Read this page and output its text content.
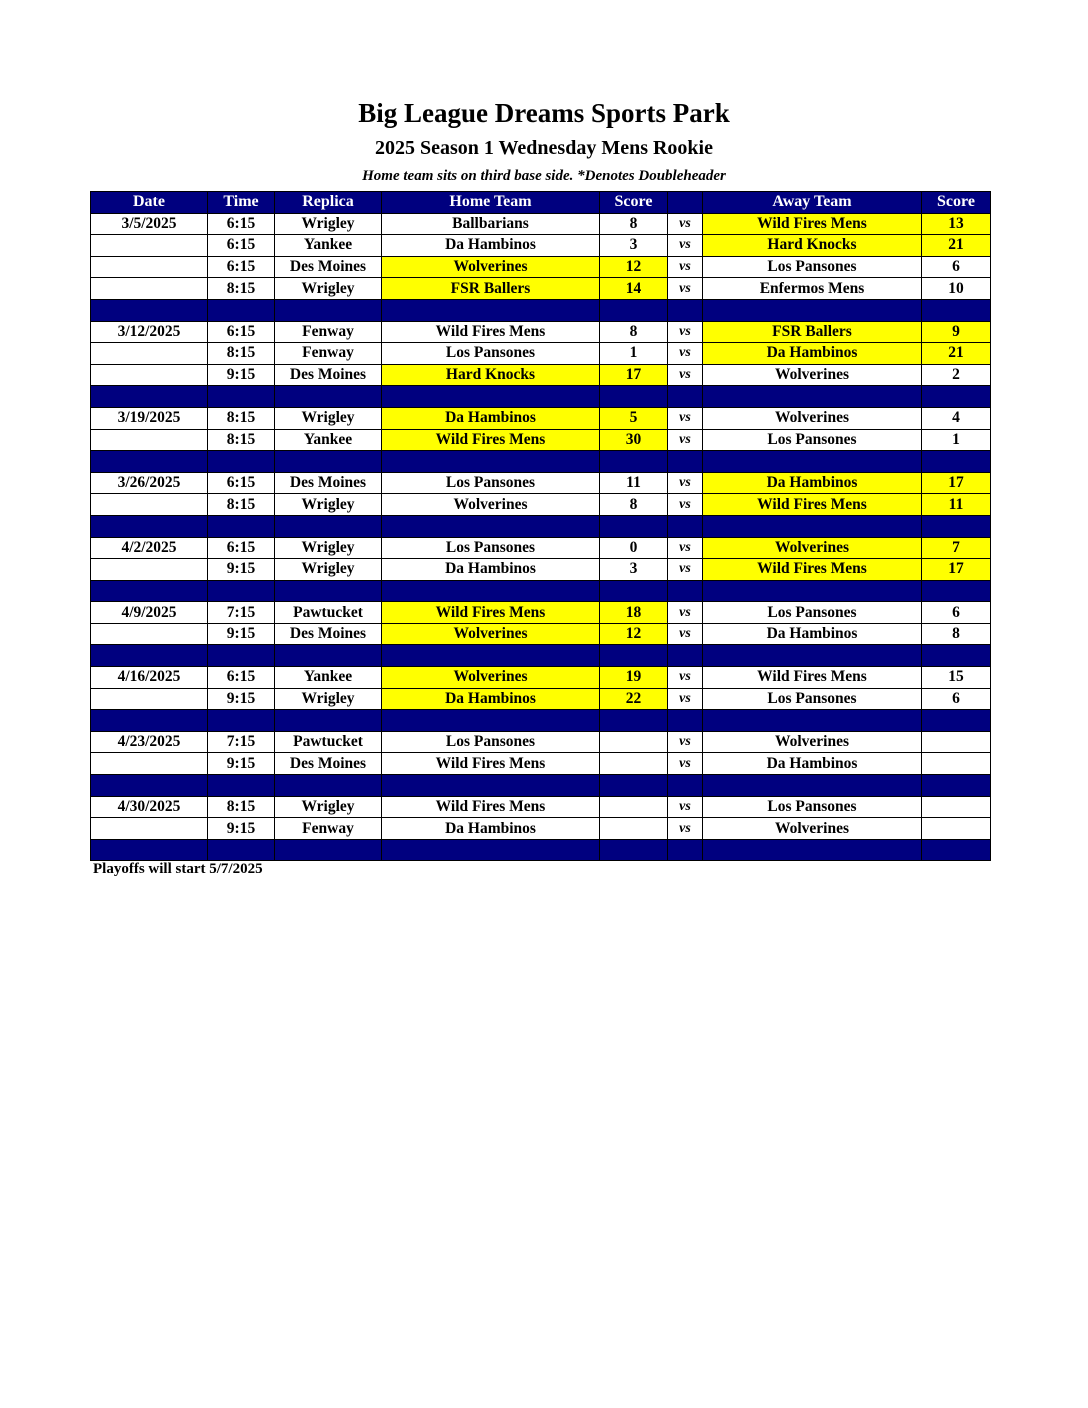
Big League Dreams Sports Park
2025 Season 1 Wednesday Mens Rookie
Home team sits on third base side. *Denotes Doubleheader
Date	Time	Replica	Home Team	Score		Away Team	Score
3/5/2025	6:15	Wrigley	Ballbarians	8	vs	Wild Fires Mens	13
	6:15	Yankee	Da Hambinos	3	vs	Hard Knocks	21
	6:15	Des Moines	Wolverines	12	vs	Los Pansones	6
	8:15	Wrigley	FSR Ballers	14	vs	Enfermos Mens	10

3/12/2025	6:15	Fenway	Wild Fires Mens	8	vs	FSR Ballers	9
	8:15	Fenway	Los Pansones	1	vs	Da Hambinos	21
	9:15	Des Moines	Hard Knocks	17	vs	Wolverines	2

3/19/2025	8:15	Wrigley	Da Hambinos	5	vs	Wolverines	4
	8:15	Yankee	Wild Fires Mens	30	vs	Los Pansones	1

3/26/2025	6:15	Des Moines	Los Pansones	11	vs	Da Hambinos	17
	8:15	Wrigley	Wolverines	8	vs	Wild Fires Mens	11

4/2/2025	6:15	Wrigley	Los Pansones	0	vs	Wolverines	7
	9:15	Wrigley	Da Hambinos	3	vs	Wild Fires Mens	17

4/9/2025	7:15	Pawtucket	Wild Fires Mens	18	vs	Los Pansones	6
	9:15	Des Moines	Wolverines	12	vs	Da Hambinos	8

4/16/2025	6:15	Yankee	Wolverines	19	vs	Wild Fires Mens	15
	9:15	Wrigley	Da Hambinos	22	vs	Los Pansones	6

4/23/2025	7:15	Pawtucket	Los Pansones		vs	Wolverines	
	9:15	Des Moines	Wild Fires Mens		vs	Da Hambinos	

4/30/2025	8:15	Wrigley	Wild Fires Mens		vs	Los Pansones	
	9:15	Fenway	Da Hambinos		vs	Wolverines	

Playoffs will start 5/7/2025
